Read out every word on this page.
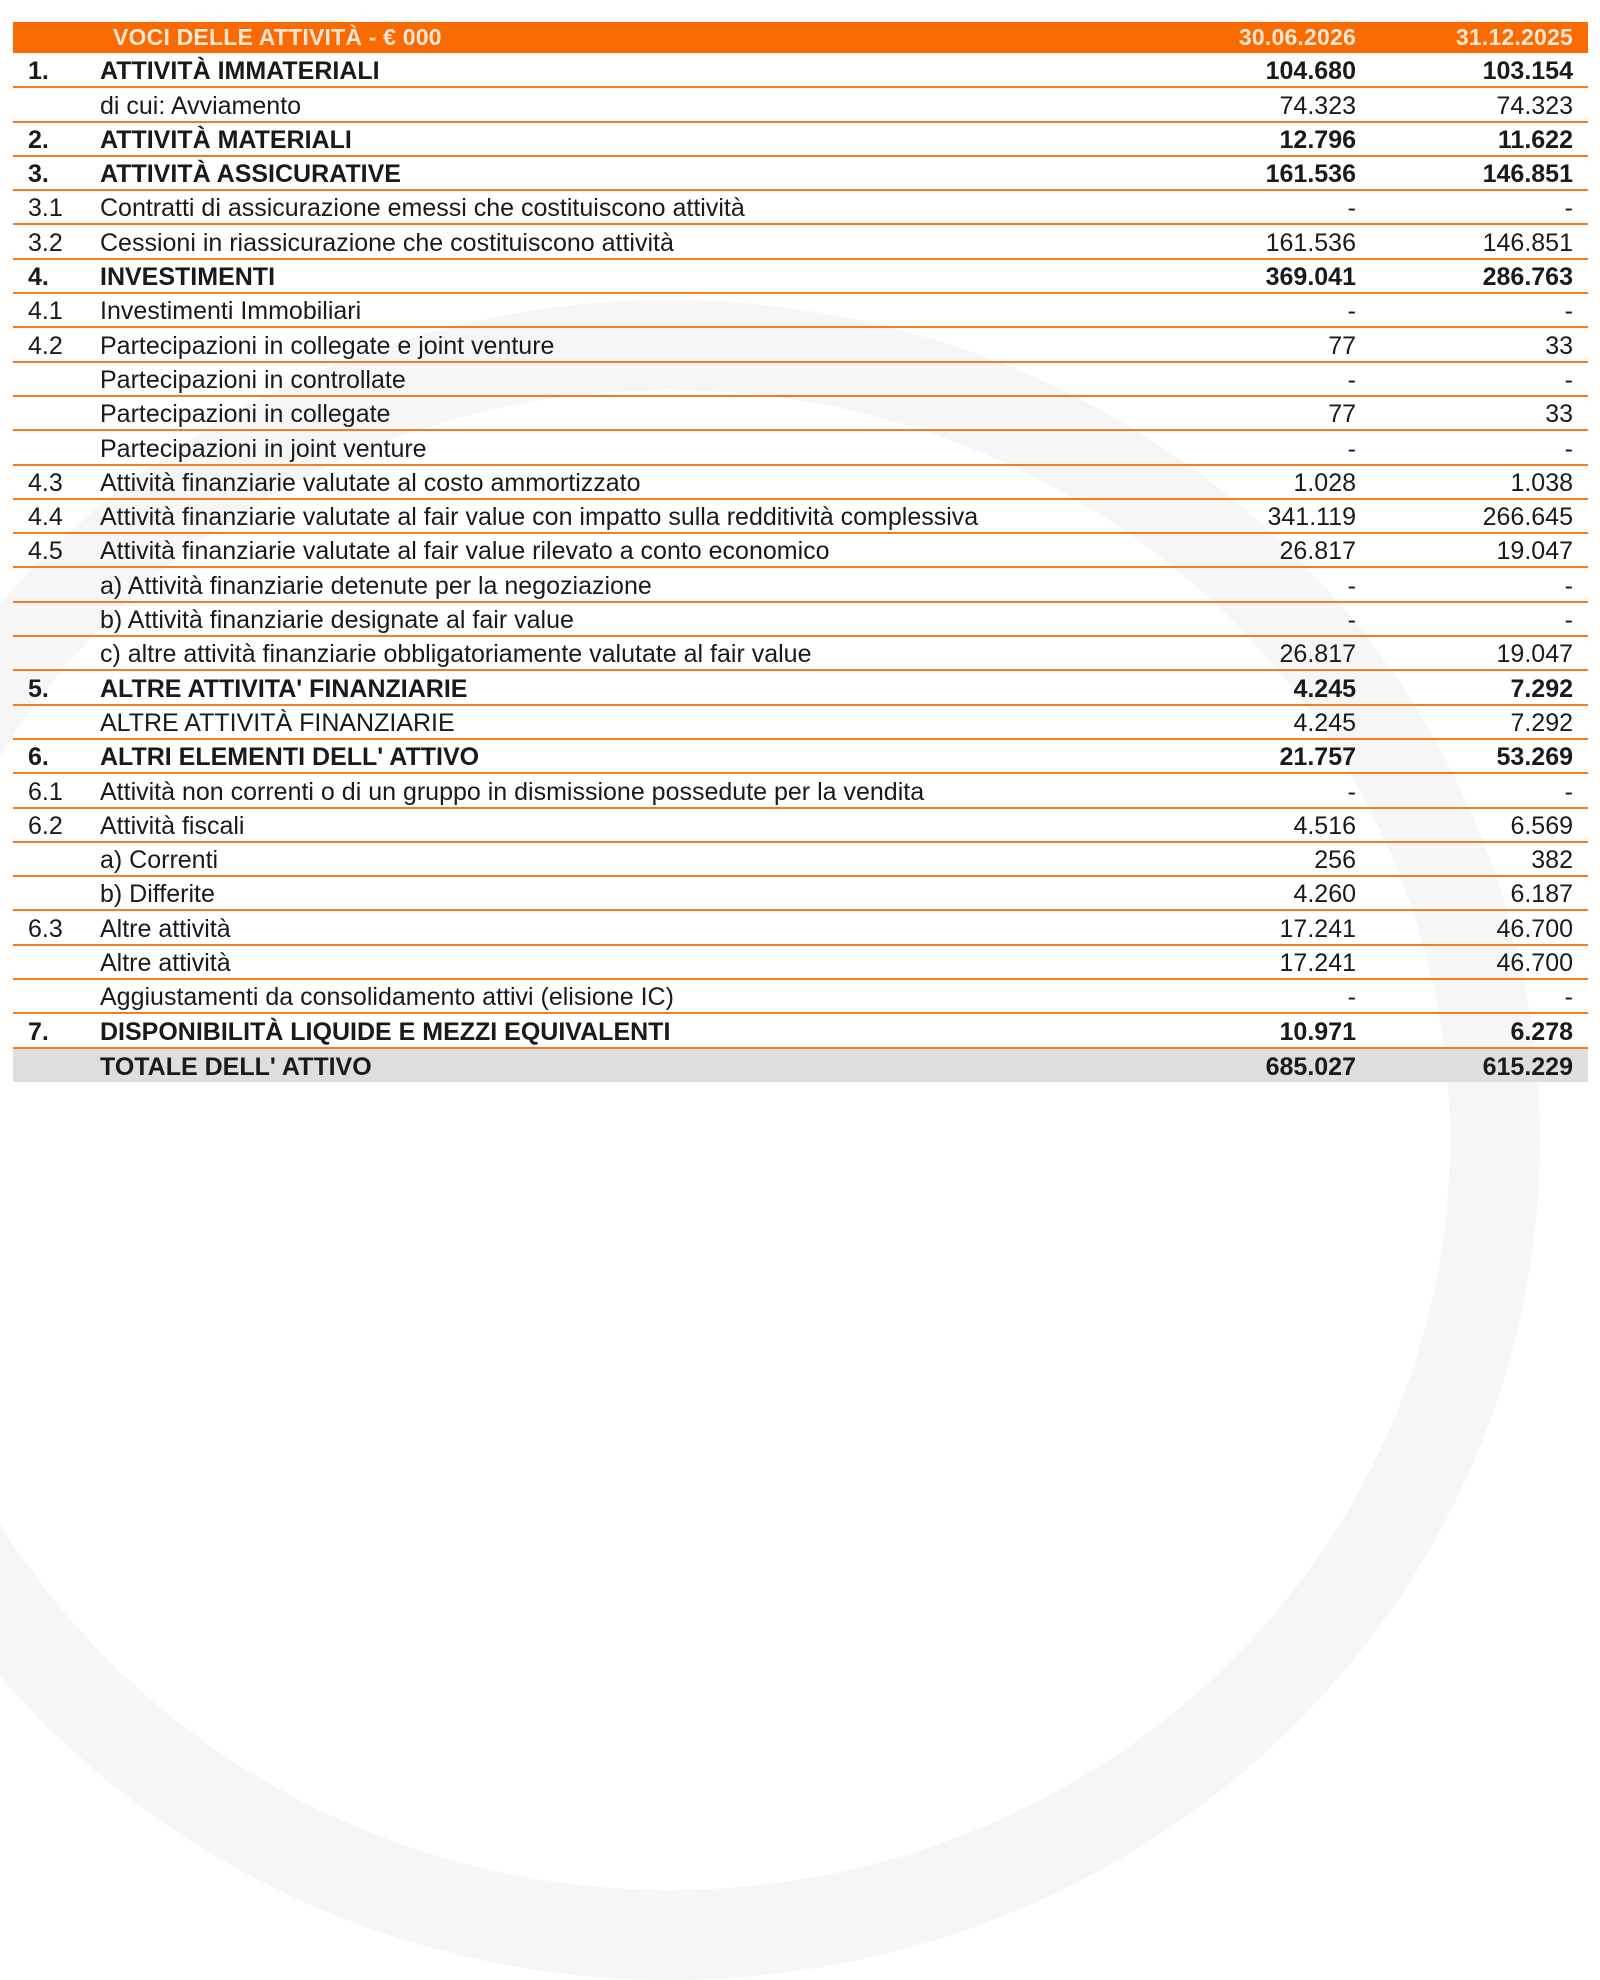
	VOCI DELLE ATTIVITÀ - € 000	30.06.2026	31.12.2025
1.	ATTIVITÀ IMMATERIALI	104.680	103.154
	di cui: Avviamento	74.323	74.323
2.	ATTIVITÀ MATERIALI	12.796	11.622
3.	ATTIVITÀ ASSICURATIVE	161.536	146.851
3.1	Contratti di assicurazione emessi che costituiscono attività	-	-
3.2	Cessioni in riassicurazione che costituiscono attività	161.536	146.851
4.	INVESTIMENTI	369.041	286.763
4.1	Investimenti Immobiliari	-	-
4.2	Partecipazioni in collegate e joint venture	77	33
	Partecipazioni in controllate	-	-
	Partecipazioni in collegate	77	33
	Partecipazioni in joint venture	-	-
4.3	Attività finanziarie valutate al costo ammortizzato	1.028	1.038
4.4	Attività finanziarie valutate al fair value con impatto sulla redditività complessiva	341.119	266.645
4.5	Attività finanziarie valutate al fair value rilevato a conto economico	26.817	19.047
	a) Attività finanziarie detenute per la negoziazione	-	-
	b) Attività finanziarie designate al fair value	-	-
	c) altre attività finanziarie obbligatoriamente valutate al fair value	26.817	19.047
5.	ALTRE ATTIVITA' FINANZIARIE	4.245	7.292
	ALTRE ATTIVITÀ FINANZIARIE	4.245	7.292
6.	ALTRI ELEMENTI DELL' ATTIVO	21.757	53.269
6.1	Attività non correnti o di un gruppo in dismissione possedute per la vendita	-	-
6.2	Attività fiscali	4.516	6.569
	a) Correnti	256	382
	b) Differite	4.260	6.187
6.3	Altre attività	17.241	46.700
	Altre attività	17.241	46.700
	Aggiustamenti da consolidamento attivi (elisione IC)	-	-
7.	DISPONIBILITÀ LIQUIDE E MEZZI EQUIVALENTI	10.971	6.278
	TOTALE DELL' ATTIVO	685.027	615.229
